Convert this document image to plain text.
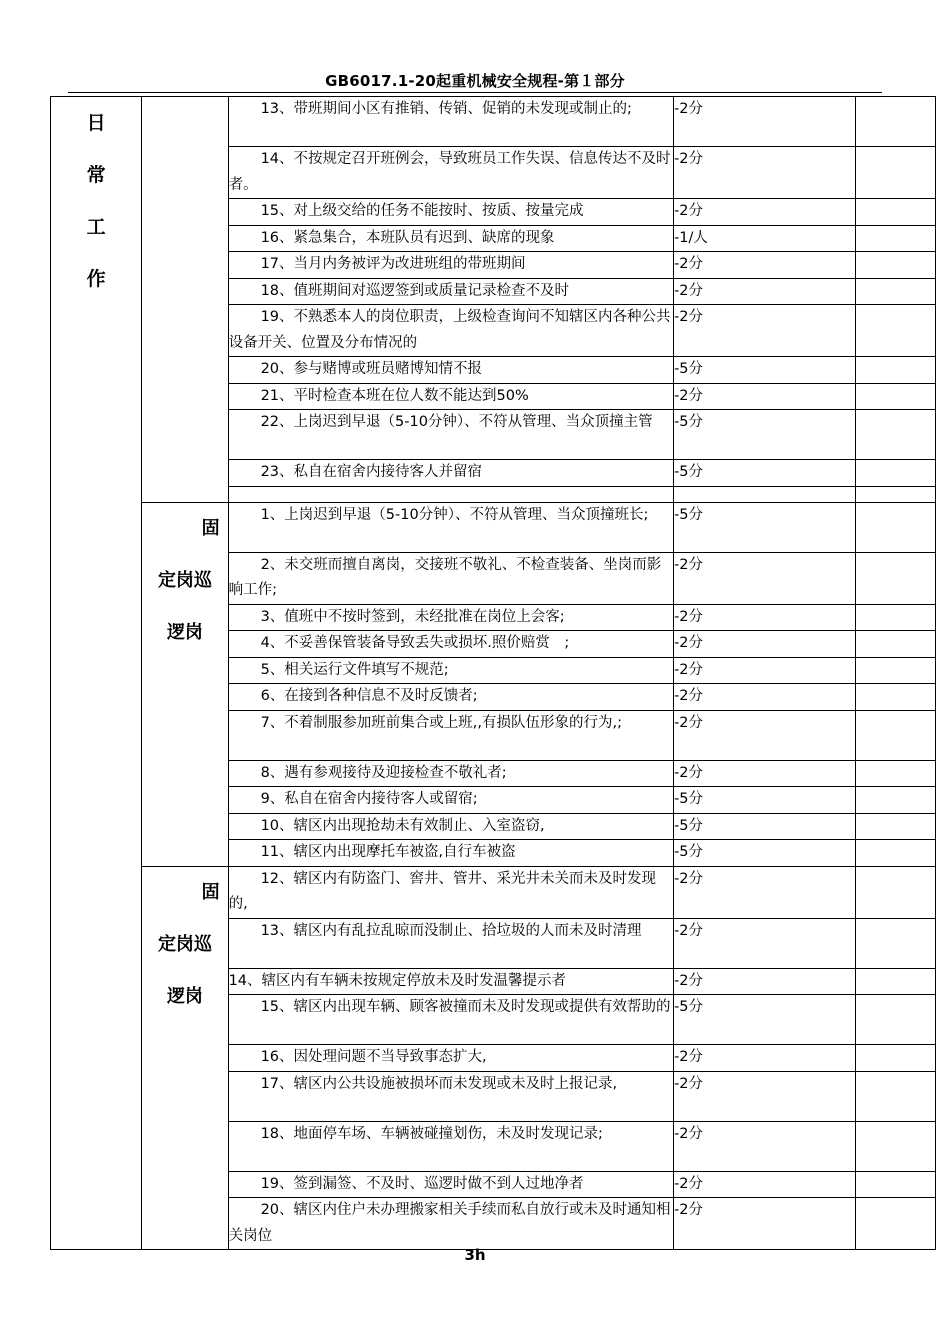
GB6017.1-20起重机械安全规程-第１部分
日
常
工
作		13、带班期间小区有推销、传销、促销的未发现或制止的;	-2分	

		14、不按规定召开班例会，导致班员工作失误、信息传达不及时者。	-2分	

		15、对上级交给的任务不能按时、按质、按量完成	-2分	

		16、紧急集合，本班队员有迟到、缺席的现象	-1/人	

		17、当月内务被评为改进班组的带班期间	-2分	

		18、值班期间对巡逻签到或质量记录检查不及时	-2分	

		19、不熟悉本人的岗位职责，上级检查询问不知辖区内各种公共设备开关、位置及分布情况的	-2分	

		20、参与赌博或班员赌博知情不报	-5分	

		21、平时检查本班在位人数不能达到50%	-2分	

		22、上岗迟到早退（5-10分钟）、不符从管理、当众顶撞主管	-5分	

		23、私自在宿舍内接待客人并留宿	-5分	

	固
定岗巡
逻岗	1、上岗迟到早退（5-10分钟）、不符从管理、当众顶撞班长;	-5分	

		2、未交班而擅自离岗，交接班不敬礼、不检查装备、坐岗而影响工作;	-2分	

		3、值班中不按时签到，未经批准在岗位上会客;	-2分	

		4、不妥善保管装备导致丢失或损坏.照价赔赏　;	-2分	

		5、相关运行文件填写不规范;	-2分	

		6、在接到各种信息不及时反馈者;	-2分	

		7、不着制服参加班前集合或上班,,有损队伍形象的行为,;	-2分	

		8、遇有参观接待及迎接检查不敬礼者;	-2分	

		9、私自在宿舍内接待客人或留宿;	-5分	

		10、辖区内出现抢劫未有效制止、入室盗窃,	-5分	

		11、辖区内出现摩托车被盗,自行车被盗	-5分	

	固
定岗巡
逻岗	12、辖区内有防盗门、窖井、管井、采光井未关而未及时发现的,	-2分	

		13、辖区内有乱拉乱晾而没制止、拾垃圾的人而未及时清理	-2分	

		14、辖区内有车辆未按规定停放未及时发温馨提示者	-2分	

		15、辖区内出现车辆、顾客被撞而未及时发现或提供有效帮助的	-5分	

		16、因处理问题不当导致事态扩大,	-2分	

		17、辖区内公共设施被损坏而未发现或未及时上报记录,	-2分	

		18、地面停车场、车辆被碰撞划伤，未及时发现记录;	-2分	

		19、签到漏签、不及时、巡逻时做不到人过地净者	-2分	

		20、辖区内住户未办理搬家相关手续而私自放行或未及时通知相关岗位	-2分	
3h
